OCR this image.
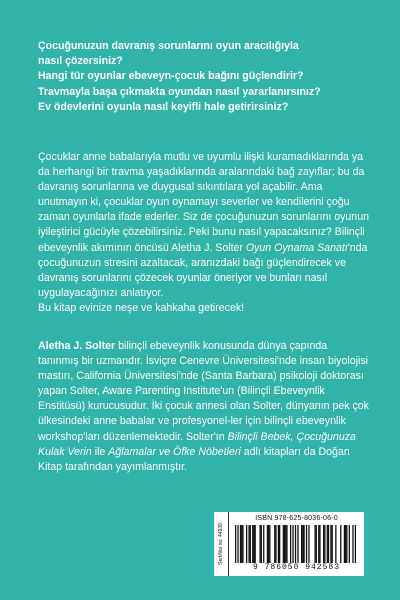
Çocuğunuzun davranış sorunlarını oyun aracılığıyla

nasıl çözersiniz?

Hangi tür oyunlar ebeveyn-çocuk bağını güçlendirir?

Travmayla başa çıkmakta oyundan nasıl yararlanırsınız?

Ev ödevlerini oyunla nasıl keyifli hale getirirsiniz?

Çocuklar anne babalarıyla mutlu ve uyumlu ilişki kuramadıklarında ya da herhangi bir travma yaşadıklarında aralarındaki bağ zayıflar; bu da davranış sorunlarına ve duygusal sıkıntılara yol açabilir. Ama unutmayın ki, çocuklar oyun oynamayı severler ve kendilerini çoğu zaman oyunlarla ifade ederler. Siz de çocuğunuzun sorunlarını oyunun iyileştirici gücüyle çözebilirsiniz. Peki bunu nasıl yapacaksınız? Bilinçli ebeveynlik akımının öncüsü Aletha J. Solter Oyun Oynama Sanatı'nda çocuğunuzun stresini azaltacak, aranızdaki bağı güçlendirecek ve davranış sorunlarını çözecek oyunlar öneriyor ve bunları nasıl uygulayacağınızı anlatıyor.

Bu kitap evinize neşe ve kahkaha getirecek!

Aletha J. Solter bilinçli ebeveynlik konusunda dünya çapında tanınmış bir uzmandır. İsviçre Cenevre Üniversitesi'nde insan biyolojisi mastırı, California Üniversitesi'nde (Santa Barbara) psikoloji doktorası yapan Solter, Aware Parenting Institute'un (Bilinçli Ebeveynlik Enstitüsü) kurucusudur. İki çocuk annesi olan Solter, dünyanın pek çok ülkesindeki anne babalar ve profesyonel-ler için bilinçli ebeveynlik workshop'ları düzenlemektedir. Solter'ın Bilinçli Bebek, Çocuğunuza Kulak Verin ile Ağlamalar ve Öfke Nöbetleri adlı kitapları da Doğan Kitap tarafından yayımlanmıştır.

Sertifika no: 44939
ISBN 978-625-8036-06-0
9 786050 942583
